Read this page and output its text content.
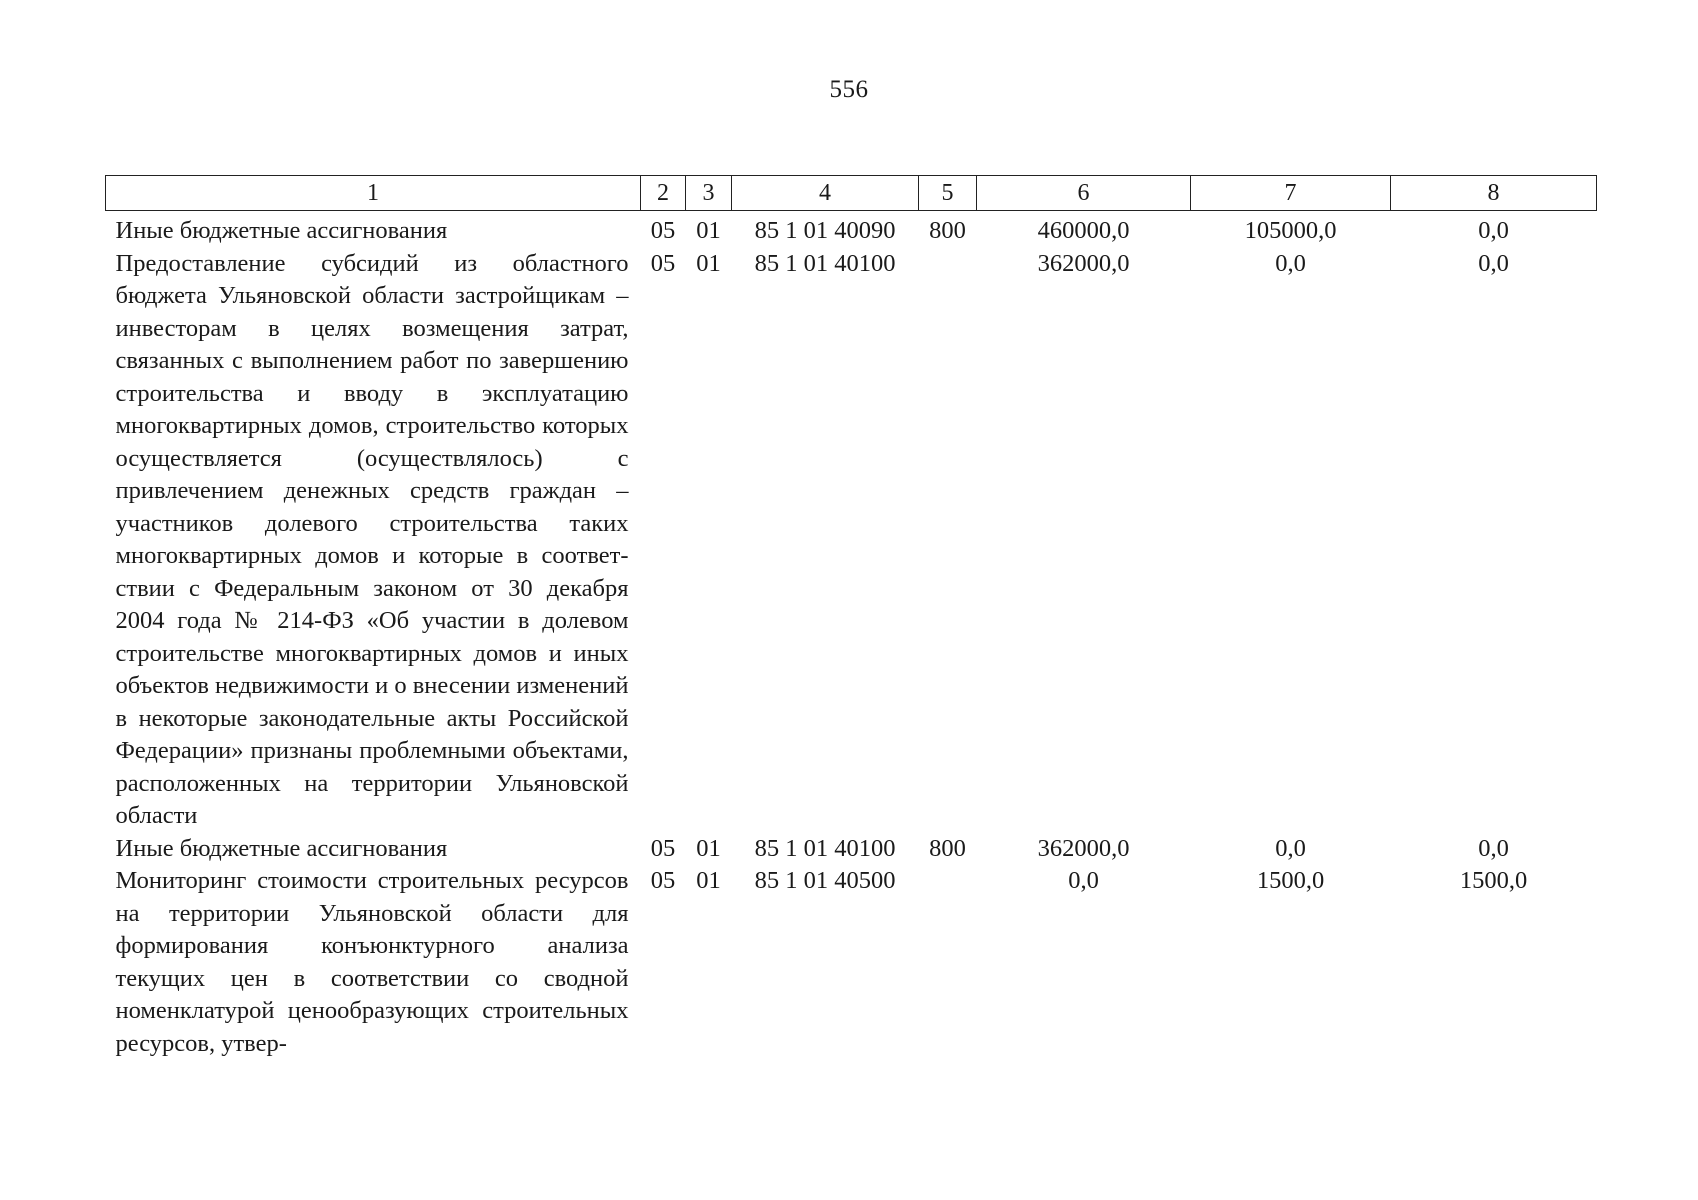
556
1	2	3	4	5	6	7	8
Иные бюджетные ассигнования	05	01	85 1 01 40090	800	460000,0	105000,0	0,0
Предоставление субсидий из областного бюджета Ульяновской области застройщикам – инвесторам в целях возмещения затрат, связанных с выполнением работ по завершению строительства и вводу в эксплуатацию многоквартирных домов, строительство которых осуществляется (осуществлялось) с привлечением денежных средств граждан – участников долевого строительства таких многоквартирных домов и которые в соответствии с Федеральным законом от 30 декабря 2004 года № 214-ФЗ «Об участии в долевом строительстве многоквартирных домов и иных объектов недвижимости и о внесении изменений в некоторые законодательные акты Российской Федерации» признаны проблемными объектами, расположенных на территории Ульяновской области	05	01	85 1 01 40100		362000,0	0,0	0,0
Иные бюджетные ассигнования	05	01	85 1 01 40100	800	362000,0	0,0	0,0
Мониторинг стоимости строительных ресурсов на территории Ульяновской области для формирования конъюнктурного анализа текущих цен в соответствии со сводной номенклатурой ценообразующих строительных ресурсов, утвер-	05	01	85 1 01 40500		0,0	1500,0	1500,0
